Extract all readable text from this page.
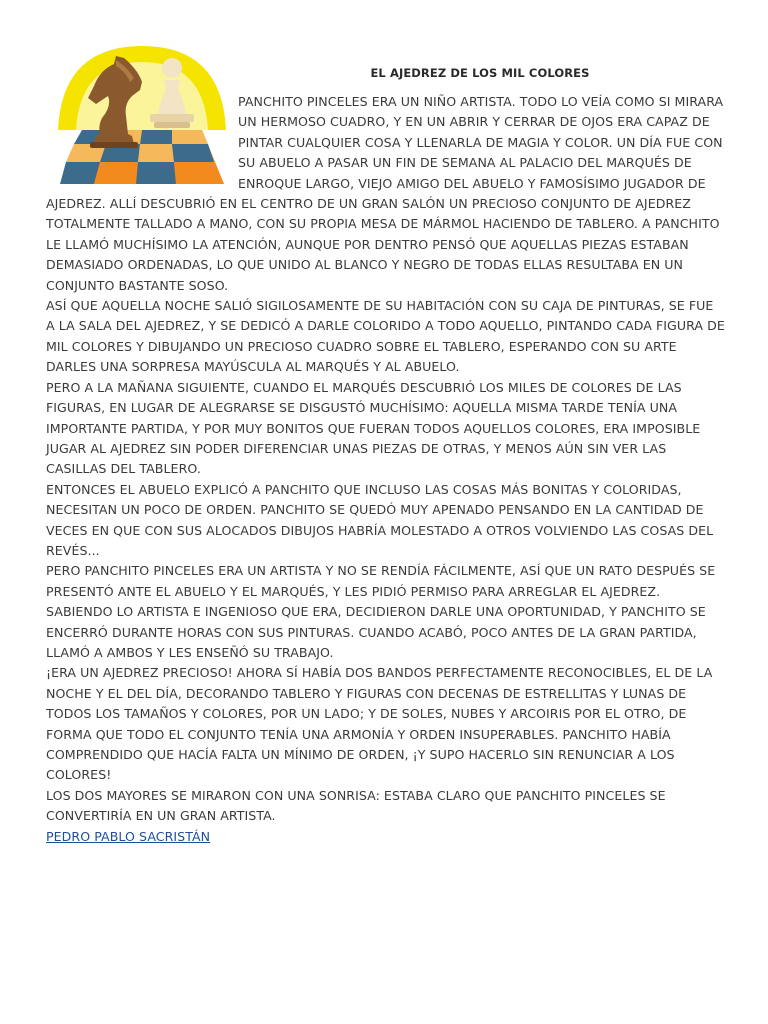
EL AJEDREZ DE LOS MIL COLORES

PANCHITO PINCELES ERA UN NIÑO ARTISTA. TODO LO VEÍA COMO SI MIRARA UN HERMOSO CUADRO, Y EN UN ABRIR Y CERRAR DE OJOS ERA CAPAZ DE PINTAR CUALQUIER COSA Y LLENARLA DE MAGIA Y COLOR. UN DÍA FUE CON SU ABUELO A PASAR UN FIN DE SEMANA AL PALACIO DEL MARQUÉS DE ENROQUE LARGO, VIEJO AMIGO DEL ABUELO Y FAMOSÍSIMO JUGADOR DE AJEDREZ. ALLÍ DESCUBRIÓ EN EL CENTRO DE UN GRAN SALÓN UN PRECIOSO CONJUNTO DE AJEDREZ TOTALMENTE TALLADO A MANO, CON SU PROPIA MESA DE MÁRMOL HACIENDO DE TABLERO. A PANCHITO LE LLAMÓ MUCHÍSIMO LA ATENCIÓN, AUNQUE POR DENTRO PENSÓ QUE AQUELLAS PIEZAS ESTABAN DEMASIADO ORDENADAS, LO QUE UNIDO AL BLANCO Y NEGRO DE TODAS ELLAS RESULTABA EN UN CONJUNTO BASTANTE SOSO.

ASÍ QUE AQUELLA NOCHE SALIÓ SIGILOSAMENTE DE SU HABITACIÓN CON SU CAJA DE PINTURAS, SE FUE A LA SALA DEL AJEDREZ, Y SE DEDICÓ A DARLE COLORIDO A TODO AQUELLO, PINTANDO CADA FIGURA DE MIL COLORES Y DIBUJANDO UN PRECIOSO CUADRO SOBRE EL TABLERO, ESPERANDO CON SU ARTE DARLES UNA SORPRESA MAYÚSCULA AL MARQUÉS Y AL ABUELO.

PERO A LA MAÑANA SIGUIENTE, CUANDO EL MARQUÉS DESCUBRIÓ LOS MILES DE COLORES DE LAS FIGURAS, EN LUGAR DE ALEGRARSE SE DISGUSTÓ MUCHÍSIMO: AQUELLA MISMA TARDE TENÍA UNA IMPORTANTE PARTIDA, Y POR MUY BONITOS QUE FUERAN TODOS AQUELLOS COLORES, ERA IMPOSIBLE JUGAR AL AJEDREZ SIN PODER DIFERENCIAR UNAS PIEZAS DE OTRAS, Y MENOS AÚN SIN VER LAS CASILLAS DEL TABLERO.

ENTONCES EL ABUELO EXPLICÓ A PANCHITO QUE INCLUSO LAS COSAS MÁS BONITAS Y COLORIDAS, NECESITAN UN POCO DE ORDEN. PANCHITO SE QUEDÓ MUY APENADO PENSANDO EN LA CANTIDAD DE VECES EN QUE CON SUS ALOCADOS DIBUJOS HABRÍA MOLESTADO A OTROS VOLVIENDO LAS COSAS DEL REVÉS...

PERO PANCHITO PINCELES ERA UN ARTISTA Y NO SE RENDÍA FÁCILMENTE, ASÍ QUE UN RATO DESPUÉS SE PRESENTÓ ANTE EL ABUELO Y EL MARQUÉS, Y LES PIDIÓ PERMISO PARA ARREGLAR EL AJEDREZ. SABIENDO LO ARTISTA E INGENIOSO QUE ERA, DECIDIERON DARLE UNA OPORTUNIDAD, Y PANCHITO SE ENCERRÓ DURANTE HORAS CON SUS PINTURAS. CUANDO ACABÓ, POCO ANTES DE LA GRAN PARTIDA, LLAMÓ A AMBOS Y LES ENSEÑÓ SU TRABAJO.

¡ERA UN AJEDREZ PRECIOSO! AHORA SÍ HABÍA DOS BANDOS PERFECTAMENTE RECONOCIBLES, EL DE LA NOCHE Y EL DEL DÍA, DECORANDO TABLERO Y FIGURAS CON DECENAS DE ESTRELLITAS Y LUNAS DE TODOS LOS TAMAÑOS Y COLORES, POR UN LADO; Y DE SOLES, NUBES Y ARCOIRIS POR EL OTRO, DE FORMA QUE TODO EL CONJUNTO TENÍA UNA ARMONÍA Y ORDEN INSUPERABLES. PANCHITO HABÍA COMPRENDIDO QUE HACÍA FALTA UN MÍNIMO DE ORDEN, ¡Y SUPO HACERLO SIN RENUNCIAR A LOS COLORES!

LOS DOS MAYORES SE MIRARON CON UNA SONRISA: ESTABA CLARO QUE PANCHITO PINCELES SE CONVERTIRÍA EN UN GRAN ARTISTA.

PEDRO PABLO SACRISTÁN
